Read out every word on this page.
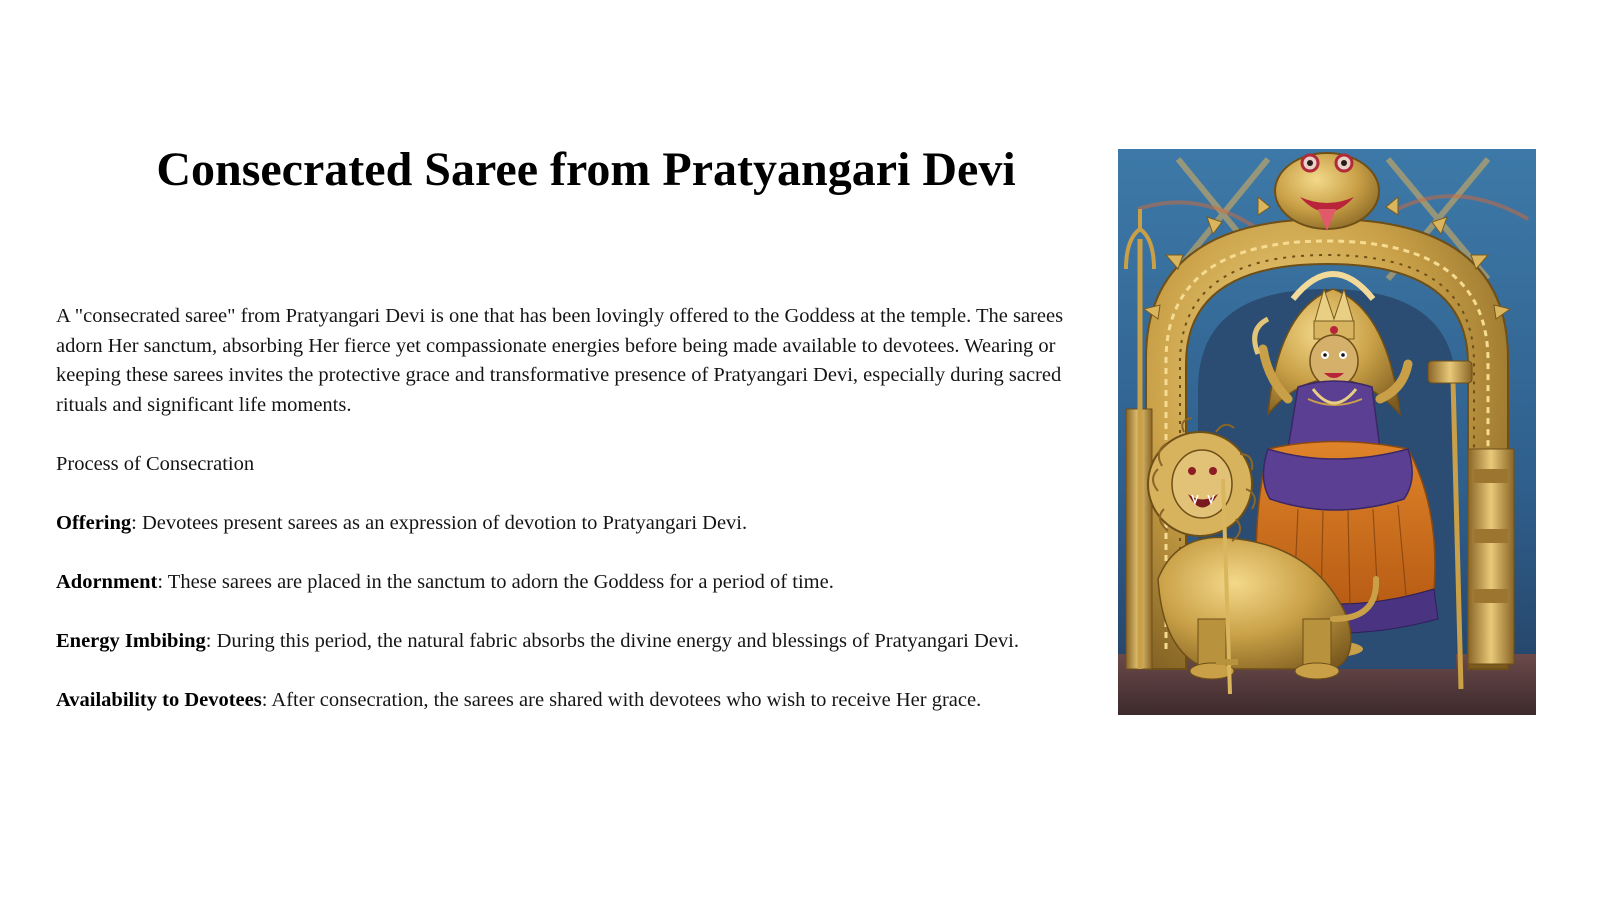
Consecrated Saree from Pratyangari Devi

A "consecrated saree" from Pratyangari Devi is one that has been lovingly offered to the Goddess at the temple. The sarees adorn Her sanctum, absorbing Her fierce yet compassionate energies before being made available to devotees. Wearing or keeping these sarees invites the protective grace and transformative presence of Pratyangari Devi, especially during sacred rituals and significant life moments.

Process of Consecration

Offering: Devotees present sarees as an expression of devotion to Pratyangari Devi.

Adornment: These sarees are placed in the sanctum to adorn the Goddess for a period of time.

Energy Imbibing: During this period, the natural fabric absorbs the divine energy and blessings of Pratyangari Devi.

Availability to Devotees: After consecration, the sarees are shared with devotees who wish to receive Her grace.
